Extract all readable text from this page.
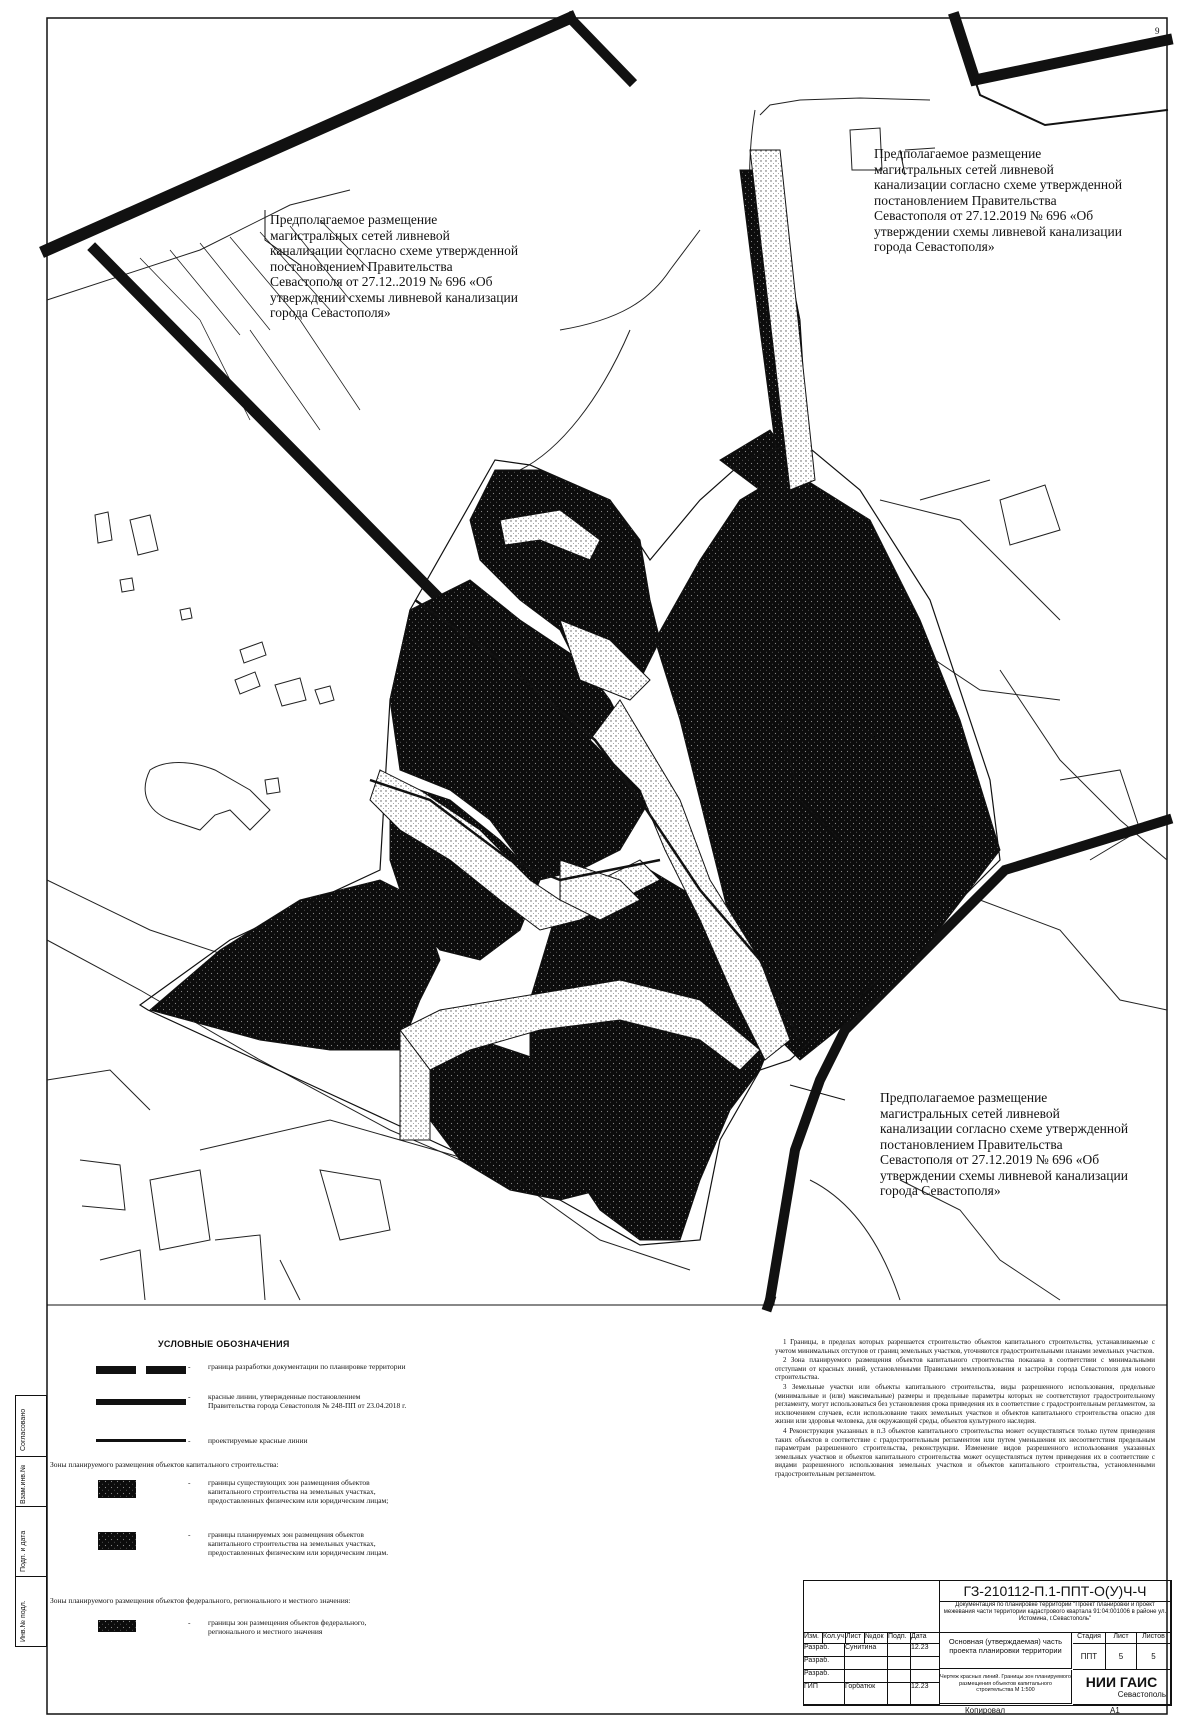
9
Предполагаемое размещение
магистральных сетей ливневой
канализации согласно схеме утвержденной
постановлением Правительства
Севастополя от 27.12..2019 № 696 «Об
утверждении схемы ливневой канализации
города Севастополя»
Предполагаемое размещение
магистральных сетей ливневой
канализации согласно схеме утвержденной
постановлением Правительства
Севастополя от 27.12.2019 № 696 «Об
утверждении схемы ливневой канализации
города Севастополя»
Предполагаемое размещение
магистральных сетей ливневой
канализации согласно схеме утвержденной
постановлением Правительства
Севастополя от 27.12.2019 № 696 «Об
утверждении схемы ливневой канализации
города Севастополя»
Согласовано
Взам.инв.№
Подп. и дата
Инв.№ подл.
УСЛОВНЫЕ ОБОЗНАЧЕНИЯ
- граница разработки документации по планировке территории
- красные линии, утвержденные постановлением Правительства города Севастополя № 248-ПП от 23.04.2018 г.
- проектируемые красные линии
Зоны планируемого размещения объектов капитального строительства:
- границы существующих зон размещения объектов капитального строительства на земельных участках, предоставленных физическим или юридическим лицам;
- границы планируемых зон размещения объектов капитального строительства на земельных участках, предоставленных физическим или юридическим лицам.
Зоны планируемого размещения объектов федерального, регионального и местного значения:
- границы зон размещения объектов федерального, регионального и местного значения

1 Границы, в пределах которых разрешается строительство объектов капитального строительства, устанавливаемые с учетом минимальных отступов от границ земельных участков, уточняются градостроительными планами земельных участков.

2 Зона планируемого размещения объектов капитального строительства показана в соответствии с минимальными отступами от красных линий, установленными Правилами землепользования и застройки города Севастополя для нового строительства.

3 Земельные участки или объекты капитального строительства, виды разрешенного использования, предельные (минимальные и (или) максимальные) размеры и предельные параметры которых не соответствуют градостроительному регламенту, могут использоваться без установления срока приведения их в соответствие с градостроительным регламентом, за исключением случаев, если использование таких земельных участков и объектов капитального строительства опасно для жизни или здоровья человека, для окружающей среды, объектов культурного наследия.

4 Реконструкция указанных в п.3 объектов капитального строительства может осуществляться только путем приведения таких объектов в соответствие с градостроительным регламентом или путем уменьшения их несоответствия предельным параметрам разрешенного строительства, реконструкции. Изменение видов разрешенного использования указанных земельных участков и объектов капитального строительства может осуществляться путем приведения их в соответствие с видами разрешенного использования земельных участков и объектов капитального строительства, установленными градостроительным регламентом.

ГЗ-210112-П.1-ППТ-О(У)Ч-Ч
Документация по планировке территории "Проект планировки и проект межевания части территории кадастрового квартала 91:04:001006 в районе ул. Истомина, г.Севастополь"
Изм. Кол.уч Лист №док Подп. Дата
Разраб.	Сунитина	12.23
Разраб.
Разраб.
ГИП	Горбатюк	12.23
Основная (утверждаемая) часть проекта планировки территории
Стадия	Лист	Листов
ППТ	5	5
Чертеж красных линий. Границы зон планируемого размещения объектов капитального строительства М 1:500	НИИ ГАИС
Севастополь
Копировал	А1
